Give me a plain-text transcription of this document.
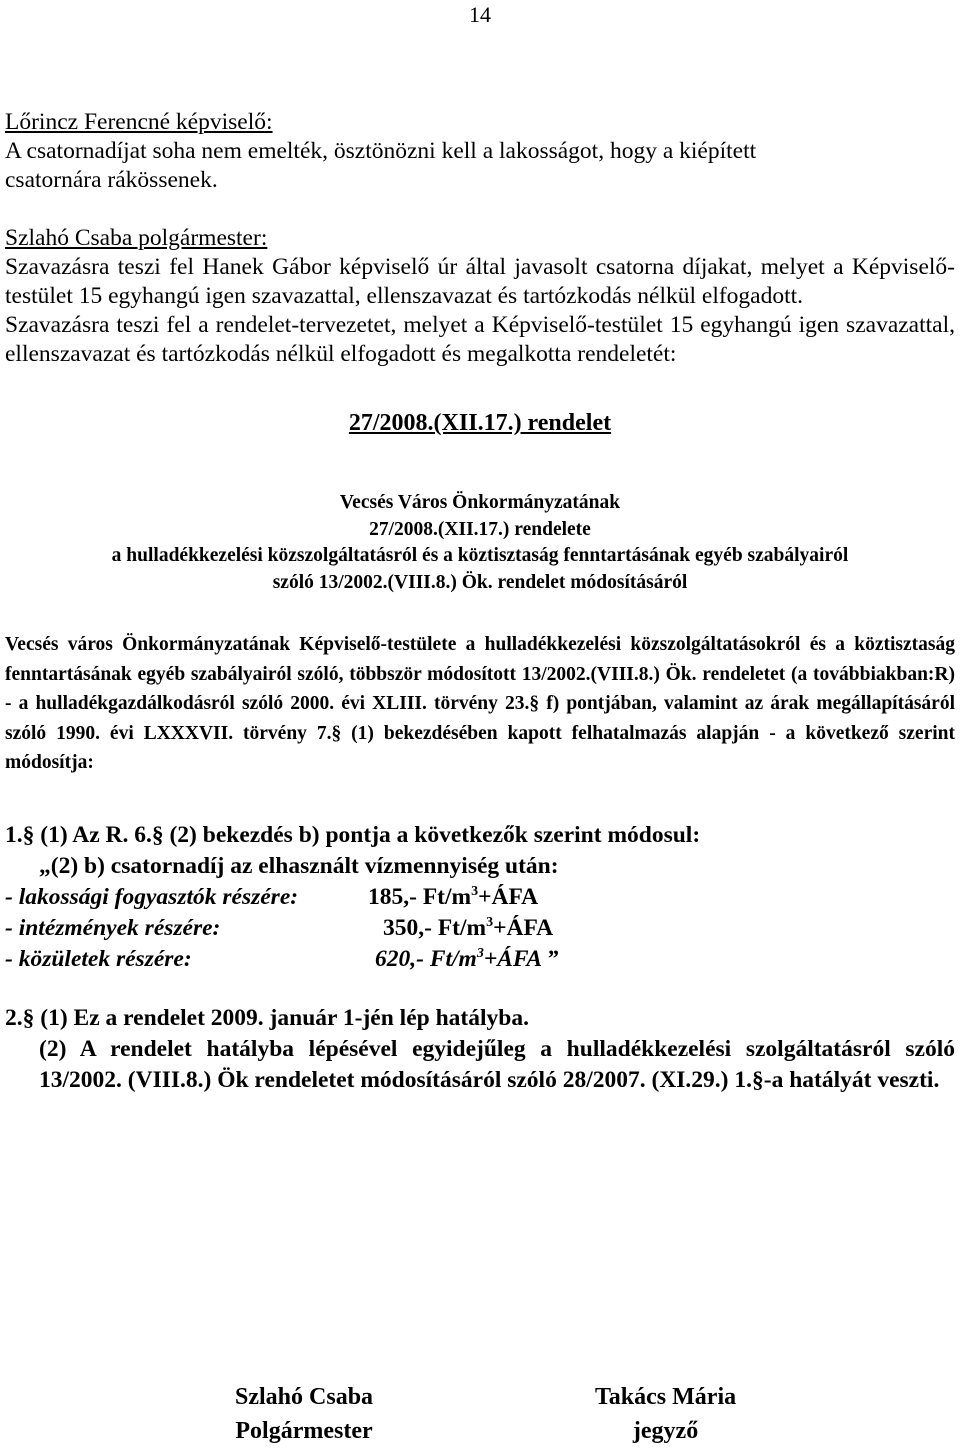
14

Lőrincz Ferencné képviselő:

A csatornadíjat soha nem emelték, ösztönözni kell a lakosságot, hogy a kiépített

csatornára rákössenek.

Szlahó Csaba polgármester:

Szavazásra teszi fel Hanek Gábor képviselő úr által javasolt csatorna díjakat, melyet a Képviselő-testület 15 egyhangú igen szavazattal, ellenszavazat és tartózkodás nélkül elfogadott.

Szavazásra teszi fel a rendelet-tervezetet, melyet a Képviselő-testület 15 egyhangú igen szavazattal, ellenszavazat és tartózkodás nélkül elfogadott és megalkotta rendeletét:

27/2008.(XII.17.) rendelet

Vecsés Város Önkormányzatának

27/2008.(XII.17.) rendelete

a hulladékkezelési közszolgáltatásról és a köztisztaság fenntartásának egyéb szabályairól

szóló 13/2002.(VIII.8.) Ök. rendelet módosításáról

Vecsés város Önkormányzatának Képviselő-testülete a hulladékkezelési közszolgáltatásokról és a köztisztaság fenntartásának egyéb szabályairól szóló, többször módosított 13/2002.(VIII.8.) Ök. rendeletet (a továbbiakban:R) - a hulladékgazdálkodásról szóló 2000. évi XLIII. törvény 23.§ f) pontjában, valamint az árak megállapításáról szóló 1990. évi LXXXVII. törvény 7.§ (1) bekezdésében kapott felhatalmazás alapján - a következő szerint módosítja:

1.§ (1) Az R. 6.§ (2) bekezdés b) pontja a következők szerint módosul:

„(2) b) csatornadíj az elhasznált vízmennyiség után:

- lakossági fogyasztók részére:	185,- $Ft/m^3+ÁFA$
- intézmények részére:	350,- $Ft/m^3+ÁFA$
- közületek részére:	620,- $Ft/m^3+ÁFA$ ”

2.§ (1) Ez a rendelet 2009. január 1-jén lép hatályba.

(2) A rendelet hatályba lépésével egyidejűleg a hulladékkezelési szolgáltatásról szóló 13/2002. (VIII.8.) Ök rendeletet módosításáról szóló 28/2007. (XI.29.) 1.§-a hatályát veszti.

Szlahó Csaba
Polgármester
Takács Mária
jegyző
